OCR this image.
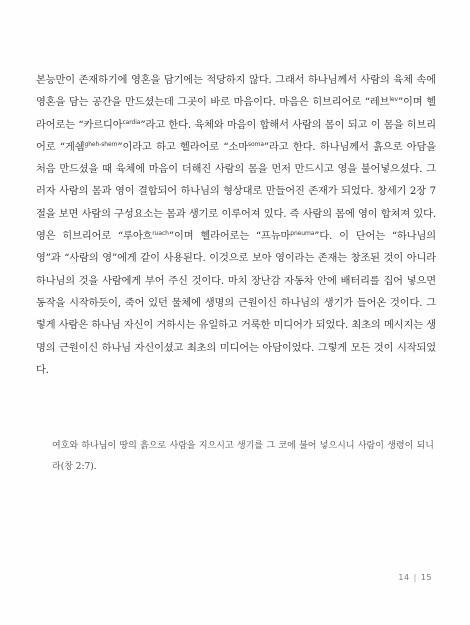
본능만이 존재하기에 영혼을 담기에는 적당하지 않다. 그래서 하나님께서 사람의 육체 속에 영혼을 담는 공간을 만드셨는데 그곳이 바로 마음이다. 마음은 히브리어로 “레브$^{lev}$”이며 헬라어로는 “카르디아$^{cardia}$”라고 한다. 육체와 마음이 합해서 사람의 몸이 되고 이 몸을 히브리어로 “게쉠$^{gheh-shem}$”이라고 하고 헬라어로 “소마$^{soma}$”라고 한다. 하나님께서 흙으로 아담을 처음 만드셨을 때 육체에 마음이 더해진 사람의 몸을 먼저 만드시고 영을 불어넣으셨다. 그러자 사람의 몸과 영이 결합되어 하나님의 형상대로 만들어진 존재가 되었다. 창세기 2장 7절을 보면 사람의 구성요소는 몸과 생기로 이루어져 있다. 즉 사람의 몸에 영이 합쳐져 있다. 영은 히브리어로 “루아흐$^{ruach}$”이며 헬라어로는 “프뉴마$^{pneuma}$”다. 이 단어는 “하나님의 영”과 “사람의 영”에게 같이 사용된다. 이것으로 보아 영이라는 존재는 창조된 것이 아니라 하나님의 것을 사람에게 부어 주신 것이다. 마치 장난감 자동차 안에 배터리를 집어 넣으면 동작을 시작하듯이, 죽어 있던 물체에 생명의 근원이신 하나님의 생기가 들어온 것이다. 그렇게 사람은 하나님 자신이 거하시는 유일하고 거룩한 미디어가 되었다. 최초의 메시지는 생명의 근원이신 하나님 자신이셨고 최초의 미디어는 아담이었다. 그렇게 모든 것이 시작되었다.

여호와 하나님이 땅의 흙으로 사람을 지으시고 생기를 그 코에 불어 넣으시니 사람이 생령이 되니라(창 2:7).

14 | 15
